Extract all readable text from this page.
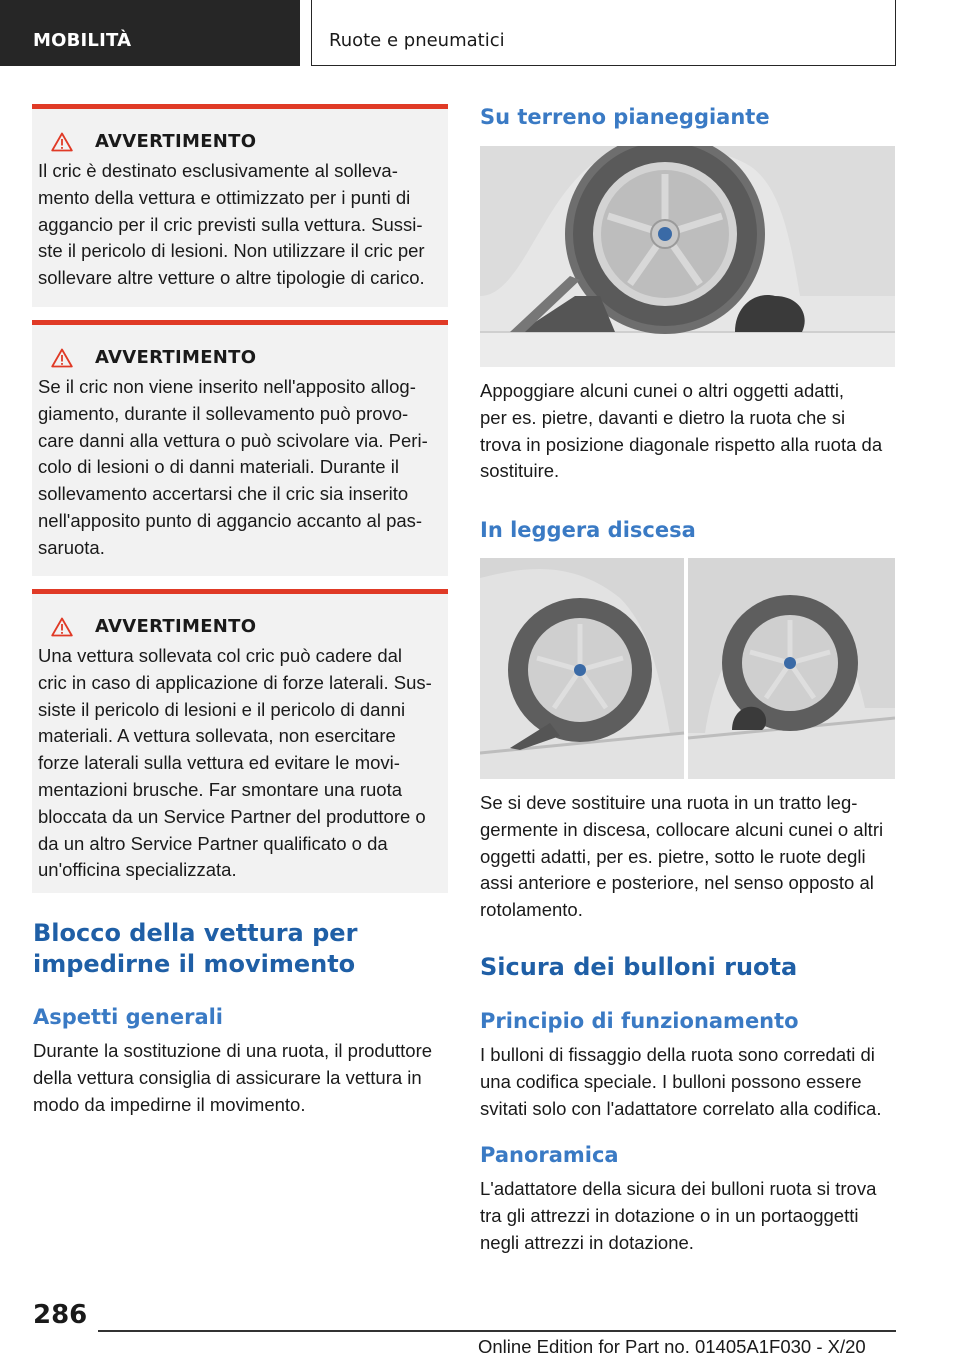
MOBILITÀ	Ruote e pneumatici
AVVERTIMENTO
Il cric è destinato esclusivamente al solleva-
mento della vettura e ottimizzato per i punti di
aggancio per il cric previsti sulla vettura. Sussi-
ste il pericolo di lesioni. Non utilizzare il cric per
sollevare altre vetture o altre tipologie di carico.
AVVERTIMENTO
Se il cric non viene inserito nell'apposito allog-
giamento, durante il sollevamento può provo-
care danni alla vettura o può scivolare via. Peri-
colo di lesioni o di danni materiali. Durante il
sollevamento accertarsi che il cric sia inserito
nell'apposito punto di aggancio accanto al pas-
saruota.
AVVERTIMENTO
Una vettura sollevata col cric può cadere dal
cric in caso di applicazione di forze laterali. Sus-
siste il pericolo di lesioni e il pericolo di danni
materiali. A vettura sollevata, non esercitare
forze laterali sulla vettura ed evitare le movi-
mentazioni brusche. Far smontare una ruota
bloccata da un Service Partner del produttore o
da un altro Service Partner qualificato o da
un'officina specializzata.
Blocco della vettura per
impedirne il movimento
Aspetti generali
Durante la sostituzione di una ruota, il produttore
della vettura consiglia di assicurare la vettura in
modo da impedirne il movimento.
Su terreno pianeggiante
Appoggiare alcuni cunei o altri oggetti adatti,
per es. pietre, davanti e dietro la ruota che si
trova in posizione diagonale rispetto alla ruota da
sostituire.
In leggera discesa
Se si deve sostituire una ruota in un tratto leg-
germente in discesa, collocare alcuni cunei o altri
oggetti adatti, per es. pietre, sotto le ruote degli
assi anteriore e posteriore, nel senso opposto al
rotolamento.
Sicura dei bulloni ruota
Principio di funzionamento
I bulloni di fissaggio della ruota sono corredati di
una codifica speciale. I bulloni possono essere
svitati solo con l'adattatore correlato alla codifica.
Panoramica
L'adattatore della sicura dei bulloni ruota si trova
tra gli attrezzi in dotazione o in un portaoggetti
negli attrezzi in dotazione.
286
Online Edition for Part no. 01405A1F030 - X/20
